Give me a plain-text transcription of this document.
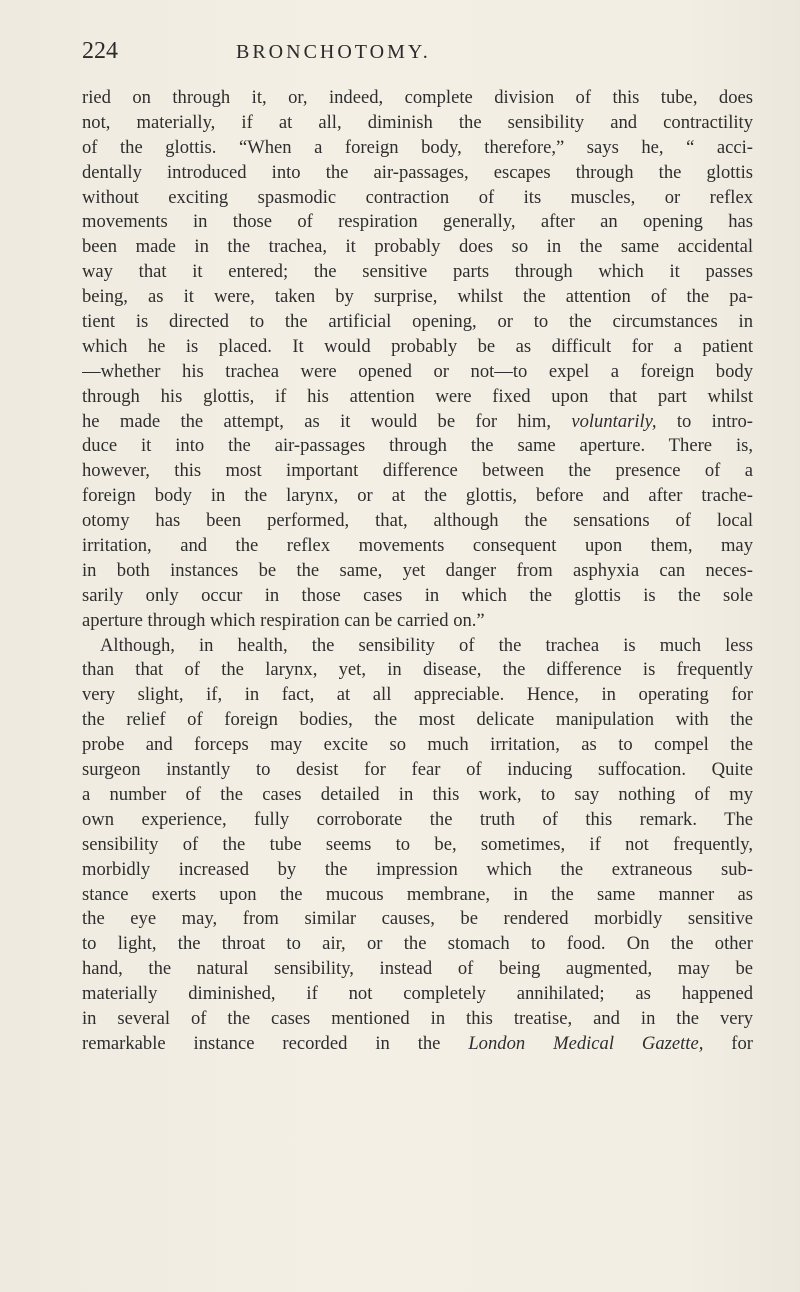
224	BRONCHOTOMY.
ried on through it, or, indeed, complete division of this tube, does
not, materially, if at all, diminish the sensibility and contractility
of the glottis. “When a foreign body, therefore,” says he, “ acci-
dentally introduced into the air-passages, escapes through the glottis
without exciting spasmodic contraction of its muscles, or reflex
movements in those of respiration generally, after an opening has
been made in the trachea, it probably does so in the same accidental
way that it entered; the sensitive parts through which it passes
being, as it were, taken by surprise, whilst the attention of the pa-
tient is directed to the artificial opening, or to the circumstances in
which he is placed. It would probably be as difficult for a patient
—whether his trachea were opened or not—to expel a foreign body
through his glottis, if his attention were fixed upon that part whilst
he made the attempt, as it would be for him, voluntarily, to intro-
duce it into the air-passages through the same aperture. There is,
however, this most important difference between the presence of a
foreign body in the larynx, or at the glottis, before and after trache-
otomy has been performed, that, although the sensations of local
irritation, and the reflex movements consequent upon them, may
in both instances be the same, yet danger from asphyxia can neces-
sarily only occur in those cases in which the glottis is the sole
aperture through which respiration can be carried on.”
Although, in health, the sensibility of the trachea is much less
than that of the larynx, yet, in disease, the difference is frequently
very slight, if, in fact, at all appreciable. Hence, in operating for
the relief of foreign bodies, the most delicate manipulation with the
probe and forceps may excite so much irritation, as to compel the
surgeon instantly to desist for fear of inducing suffocation. Quite
a number of the cases detailed in this work, to say nothing of my
own experience, fully corroborate the truth of this remark. The
sensibility of the tube seems to be, sometimes, if not frequently,
morbidly increased by the impression which the extraneous sub-
stance exerts upon the mucous membrane, in the same manner as
the eye may, from similar causes, be rendered morbidly sensitive
to light, the throat to air, or the stomach to food. On the other
hand, the natural sensibility, instead of being augmented, may be
materially diminished, if not completely annihilated; as happened
in several of the cases mentioned in this treatise, and in the very
remarkable instance recorded in the London Medical Gazette, for
